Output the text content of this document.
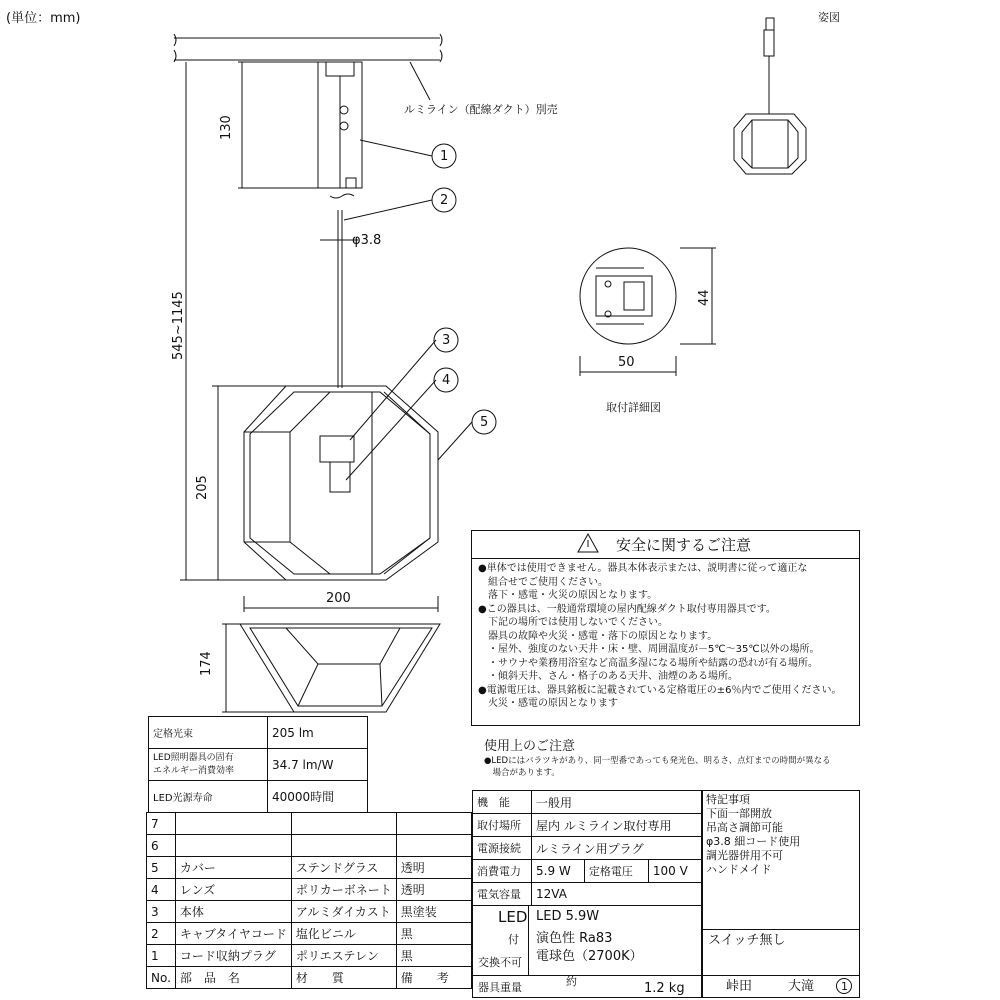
(単位：mm)	姿図
ルミライン（配線ダクト）別売
取付詳細図
130
545~1145
φ3.8
205
200
174
50
44
1
2
3
4
5
安全に関するご注意
●単体では使用できません。器具本体表示または、説明書に従って適正な
　組合せでご使用ください。
　落下・感電・火災の原因となります。
●この器具は、一般通常環境の屋内配線ダクト取付専用器具です。
　下記の場所では使用しないでください。
　器具の故障や火災・感電・落下の原因となります。
　・屋外、強度のない天井・床・壁、周囲温度が－5℃～35℃以外の場所。
　・サウナや業務用浴室など高温多湿になる場所や結露の恐れが有る場所。
　・傾斜天井、さん・格子のある天井、油煙のある場所。
●電源電圧は、器具銘板に記載されている定格電圧の±6％内でご使用ください。
　火災・感電の原因となります
使用上のご注意
●LEDにはバラツキがあり、同一型番であっても発光色、明るさ、点灯までの時間が異なる
　場合があります。
定格光束	205 lm
LED照明器具の固有
エネルギー消費効率	34.7 lm/W
LED光源寿命	40000時間
7			
6			
5	カバー	ステンドグラス	透明
4	レンズ	ポリカーボネート	透明
3	本体	アルミダイカスト	黒塗装
2	キャブタイヤコード	塩化ビニル	黒
1	コード収納プラグ	ポリエステレン	黒
No.	部　品　名	材　　質	備　　考
機　能	一般用		
取付場所	屋内 ルミライン取付専用		
電源接続	ルミライン用プラグ		
消費電力	5.9 W	定格電圧	100 V
電気容量	12VA		
LED
付
交換不可
LED 5.9W
演色性 Ra83
電球色（2700K）
器具重量	約	1.2 kg
特記事項
下面一部開放
吊高さ調節可能
φ3.8 細コード使用
調光器併用不可
ハンドメイド
スイッチ無し
峠田	大滝 1
